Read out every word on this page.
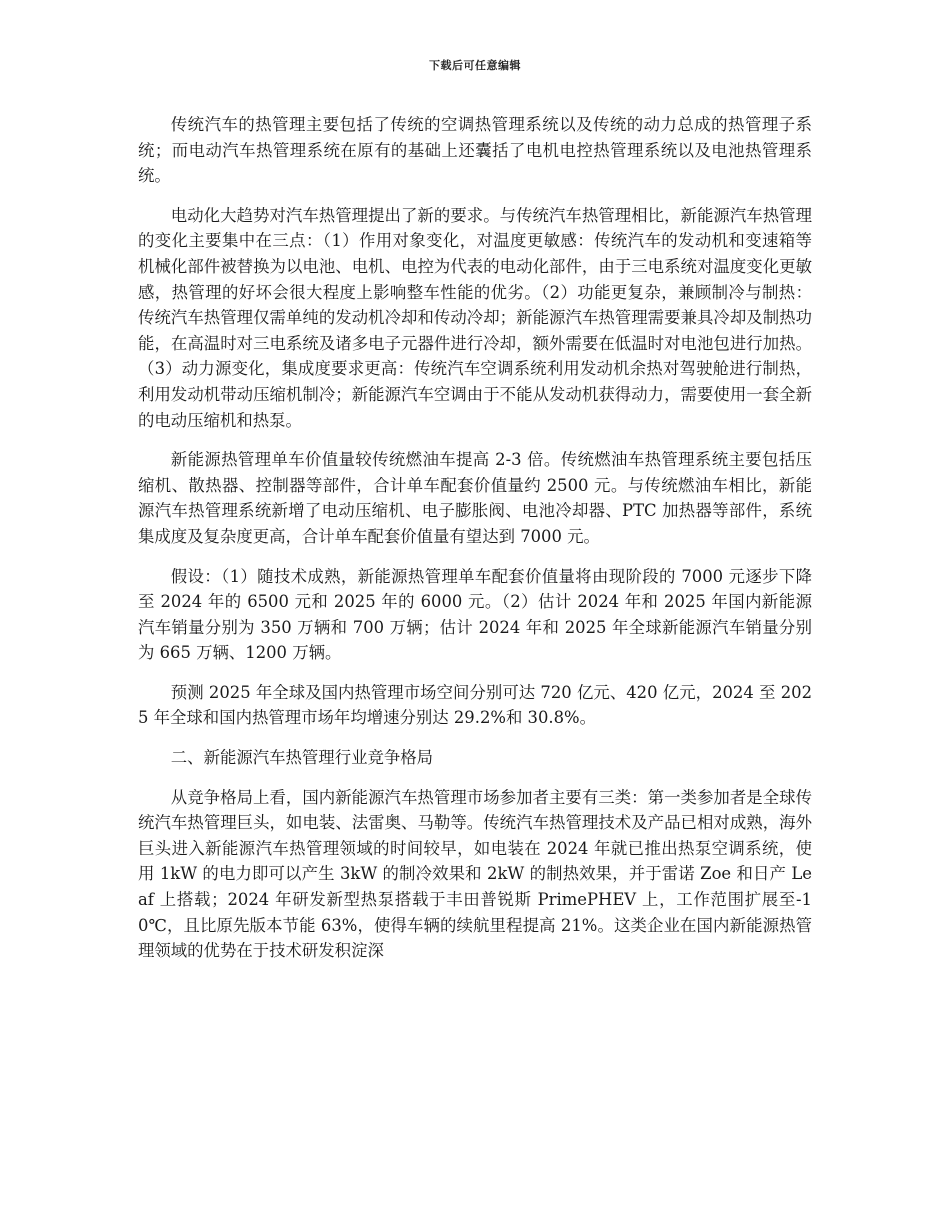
下载后可任意编辑

传统汽车的热管理主要包括了传统的空调热管理系统以及传统的动力总成的热管理子系统；而电动汽车热管理系统在原有的基础上还囊括了电机电控热管理系统以及电池热管理系统。

电动化大趋势对汽车热管理提出了新的要求。与传统汽车热管理相比，新能源汽车热管理的变化主要集中在三点：（1）作用对象变化，对温度更敏感：传统汽车的发动机和变速箱等机械化部件被替换为以电池、电机、电控为代表的电动化部件，由于三电系统对温度变化更敏感，热管理的好坏会很大程度上影响整车性能的优劣。（2）功能更复杂，兼顾制冷与制热：传统汽车热管理仅需单纯的发动机冷却和传动冷却；新能源汽车热管理需要兼具冷却及制热功能，在高温时对三电系统及诸多电子元器件进行冷却，额外需要在低温时对电池包进行加热。（3）动力源变化，集成度要求更高：传统汽车空调系统利用发动机余热对驾驶舱进行制热，利用发动机带动压缩机制冷；新能源汽车空调由于不能从发动机获得动力，需要使用一套全新的电动压缩机和热泵。

新能源热管理单车价值量较传统燃油车提高 2-3 倍。传统燃油车热管理系统主要包括压缩机、散热器、控制器等部件，合计单车配套价值量约 2500 元。与传统燃油车相比，新能源汽车热管理系统新增了电动压缩机、电子膨胀阀、电池冷却器、PTC 加热器等部件，系统集成度及复杂度更高，合计单车配套价值量有望达到 7000 元。

假设：（1）随技术成熟，新能源热管理单车配套价值量将由现阶段的 7000 元逐步下降至 2024 年的 6500 元和 2025 年的 6000 元。（2）估计 2024 年和 2025 年国内新能源汽车销量分别为 350 万辆和 700 万辆；估计 2024 年和 2025 年全球新能源汽车销量分别为 665 万辆、1200 万辆。

预测 2025 年全球及国内热管理市场空间分别可达 720 亿元、420 亿元，2024 至 2025 年全球和国内热管理市场年均增速分别达 29.2%和 30.8%。

二、新能源汽车热管理行业竞争格局

从竞争格局上看，国内新能源汽车热管理市场参加者主要有三类：第一类参加者是全球传统汽车热管理巨头，如电装、法雷奥、马勒等。传统汽车热管理技术及产品已相对成熟，海外巨头进入新能源汽车热管理领域的时间较早，如电装在 2024 年就已推出热泵空调系统，使用 1kW 的电力即可以产生 3kW 的制冷效果和 2kW 的制热效果，并于雷诺 Zoe 和日产 Leaf 上搭载；2024 年研发新型热泵搭载于丰田普锐斯 PrimePHEV 上，工作范围扩展至-10℃，且比原先版本节能 63%，使得车辆的续航里程提高 21%。这类企业在国内新能源热管理领域的优势在于技术研发积淀深
